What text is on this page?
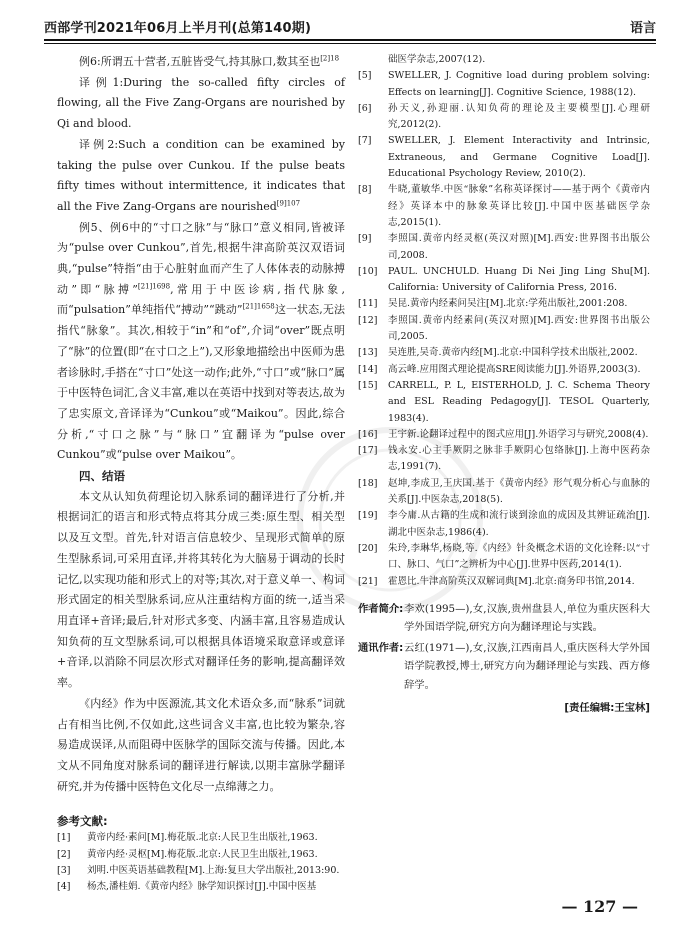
西部学刊2021年06月上半月刊(总第140期)	语言

例6:所谓五十营者,五脏皆受气,持其脉口,数其至也$^{[2]18}$

译例1:During the so-called fifty circles of flowing, all the Five Zang-Organs are nourished by Qi and blood.

译例2:Such a condition can be examined by taking the pulse over Cunkou. If the pulse beats fifty times without intermittence, it indicates that all the Five Zang-Organs are nourished$^{[9]107}$

例5、例6中的“寸口之脉”与“脉口”意义相同,皆被译为“pulse over Cunkou”,首先,根据牛津高阶英汉双语词典,“pulse”特指“由于心脏射血而产生了人体体表的动脉搏动”即“脉搏”$^{[21]1698}$,常用于中医诊病,指代脉象,而“pulsation”单纯指代“搏动”“跳动”$^{[21]1658}$这一状态,无法指代“脉象”。其次,相较于“in”和“of”,介词“over”既点明了“脉”的位置(即“在寸口之上”),又形象地描绘出中医师为患者诊脉时,手搭在“寸口”处这一动作;此外,“寸口”或“脉口”属于中医特色词汇,含义丰富,难以在英语中找到对等表达,故为了忠实原文,音译译为“Cunkou”或“Maikou”。因此,综合分析,“寸口之脉”与“脉口”宜翻译为“pulse over Cunkou”或“pulse over Maikou”。

四、结语

本文从认知负荷理论切入脉系词的翻译进行了分析,并根据词汇的语言和形式特点将其分成三类:原生型、相关型以及互文型。首先,针对语言信息较少、呈现形式简单的原生型脉系词,可采用直译,并将其转化为大脑易于调动的长时记忆,以实现功能和形式上的对等;其次,对于意义单一、构词形式固定的相关型脉系词,应从注重结构方面的统一,适当采用直译+音译;最后,针对形式多变、内涵丰富,且容易造成认知负荷的互文型脉系词,可以根据具体语境采取意译或意译+音译,以消除不同层次形式对翻译任务的影响,提高翻译效率。

《内经》作为中医源流,其文化术语众多,而“脉系”词就占有相当比例,不仅如此,这些词含义丰富,也比较为繁杂,容易造成误译,从而阻碍中医脉学的国际交流与传播。因此,本文从不同角度对脉系词的翻译进行解读,以期丰富脉学翻译研究,并为传播中医特色文化尽一点绵薄之力。

参考文献:
[1]	黄帝内经·素问[M].梅花版.北京:人民卫生出版社,1963.
[2]	黄帝内经·灵枢[M].梅花版.北京:人民卫生出版社,1963.
[3]	刘明.中医英语基础教程[M].上海:复旦大学出版社,2013:90.
[4]	杨杰,潘桂娟.《黄帝内经》脉学知识探讨[J].中国中医基
础医学杂志,2007(12).
[5]	SWELLER, J. Cognitive load during problem solving: Effects on learning[J]. Cognitive Science, 1988(12).
[6]	孙天义,孙迎丽.认知负荷的理论及主要模型[J].心理研究,2012(2).
[7]	SWELLER, J. Element Interactivity and Intrinsic, Extraneous, and Germane Cognitive Load[J]. Educational Psychology Review, 2010(2).
[8]	牛晓,董敏华.中医“脉象”名称英译探讨——基于两个《黄帝内经》英译本中的脉象英译比较[J].中国中医基础医学杂志,2015(1).
[9]	李照国.黄帝内经灵枢(英汉对照)[M].西安:世界图书出版公司,2008.
[10]	PAUL. UNCHULD. Huang Di Nei Jing Ling Shu[M]. California: University of California Press, 2016.
[11]	吴昆.黄帝内经素问吴注[M].北京:学苑出版社,2001:208.
[12]	李照国.黄帝内经素问(英汉对照)[M].西安:世界图书出版公司,2005.
[13]	吴连胜,吴奇.黄帝内经[M].北京:中国科学技术出版社,2002.
[14]	高云峰.应用图式理论提高SRE阅读能力[J].外语界,2003(3).
[15]	CARRELL, P. L, EISTERHOLD, J. C. Schema Theory and ESL Reading Pedagogy[J]. TESOL Quarterly, 1983(4).
[16]	王宇新.论翻译过程中的图式应用[J].外语学习与研究,2008(4).
[17]	钱永安.心主手厥阴之脉非手厥阴心包络脉[J].上海中医药杂志,1991(7).
[18]	赵坤,李成卫,王庆国.基于《黄帝内经》形气观分析心与血脉的关系[J].中医杂志,2018(5).
[19]	李今庸.从古籍的生成和流行谈到涂血的成因及其辨证疏治[J].湖北中医杂志,1986(4).
[20]	朱玲,李琳华,杨晓,等.《内经》针灸概念术语的文化诠释:以“寸口、脉口、气口”之辨析为中心[J].世界中医药,2014(1).
[21]	霍恩比.牛津高阶英汉双解词典[M].北京:商务印书馆,2014.
作者简介: 李欢(1995—),女,汉族,贵州盘县人,单位为重庆医科大学外国语学院,研究方向为翻译理论与实践。
通讯作者: 云红(1971—),女,汉族,江西南昌人,重庆医科大学外国语学院教授,博士,研究方向为翻译理论与实践、西方修辞学。
[责任编辑:王宝林]
— 127 —
